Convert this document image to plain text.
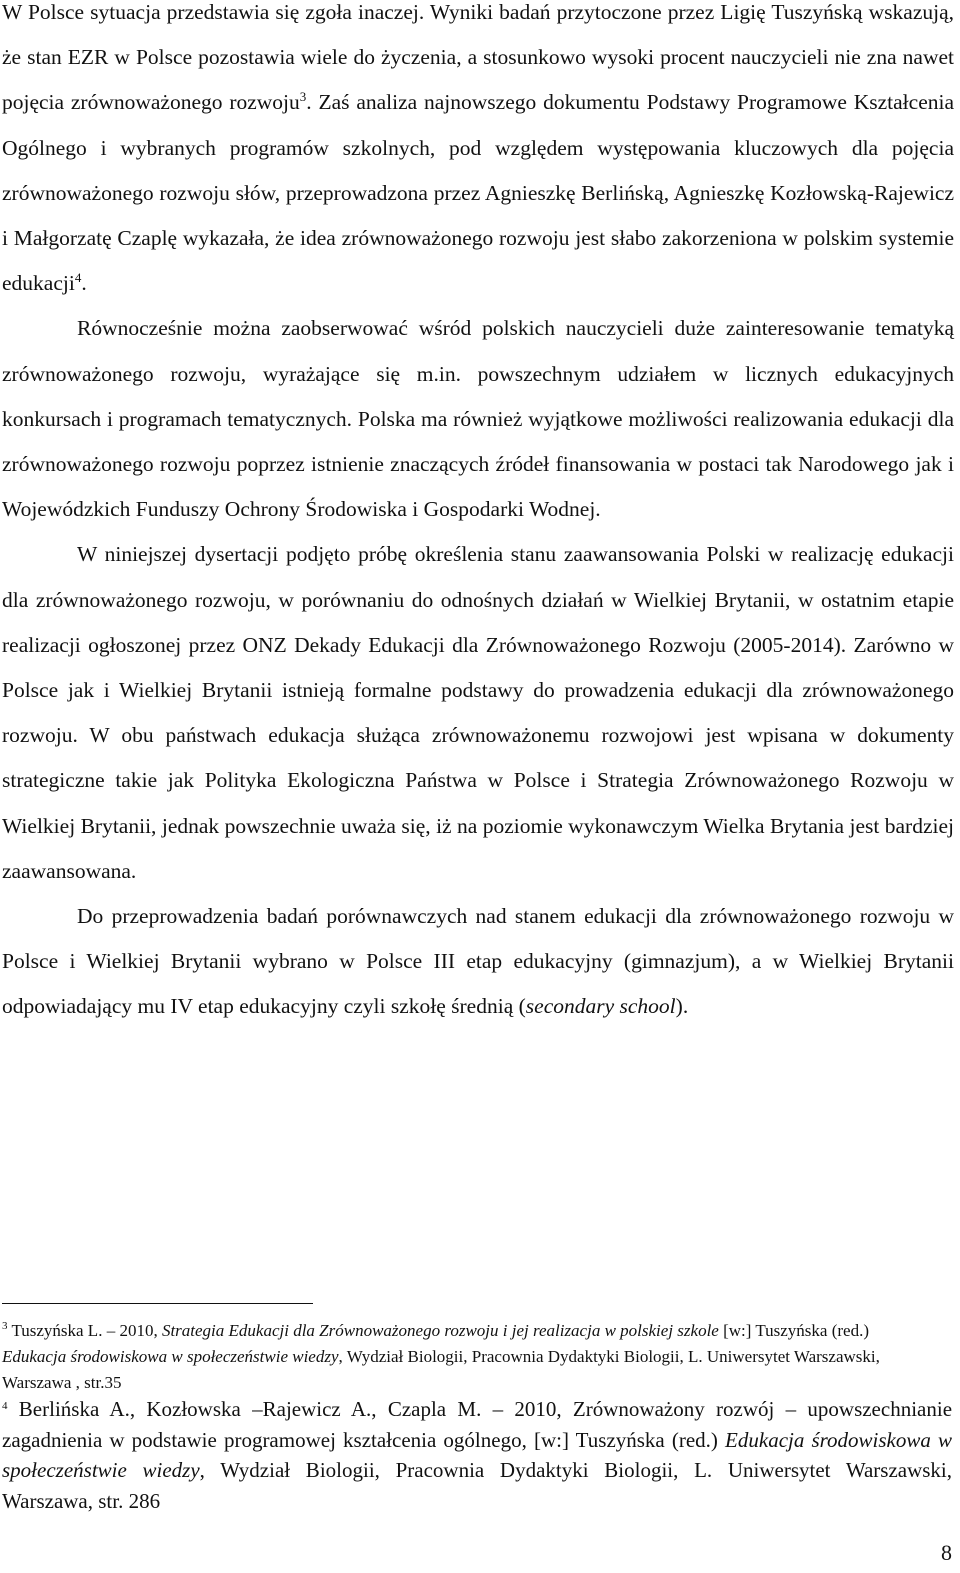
W Polsce sytuacja przedstawia się zgoła inaczej. Wyniki badań przytoczone przez Ligię Tuszyńską wskazują, że stan EZR w Polsce pozostawia wiele do życzenia, a stosunkowo wysoki procent nauczycieli nie zna nawet pojęcia zrównoważonego rozwoju$^3$. Zaś analiza najnowszego dokumentu Podstawy Programowe Kształcenia Ogólnego i wybranych programów szkolnych, pod względem występowania kluczowych dla pojęcia zrównoważonego rozwoju słów, przeprowadzona przez Agnieszkę Berlińską, Agnieszkę Kozłowską-Rajewicz i Małgorzatę Czaplę wykazała, że idea zrównoważonego rozwoju jest słabo zakorzeniona w polskim systemie edukacji$^4$.

Równocześnie można zaobserwować wśród polskich nauczycieli duże zainteresowanie tematyką zrównoważonego rozwoju, wyrażające się m.in. powszechnym udziałem w licznych edukacyjnych konkursach i programach tematycznych. Polska ma również wyjątkowe możliwości realizowania edukacji dla zrównoważonego rozwoju poprzez istnienie znaczących źródeł finansowania w postaci tak Narodowego jak i Wojewódzkich Funduszy Ochrony Środowiska i Gospodarki Wodnej.

W niniejszej dysertacji podjęto próbę określenia stanu zaawansowania Polski w realizację edukacji dla zrównoważonego rozwoju, w porównaniu do odnośnych działań w Wielkiej Brytanii, w ostatnim etapie realizacji ogłoszonej przez ONZ Dekady Edukacji dla Zrównoważonego Rozwoju (2005-2014). Zarówno w Polsce jak i Wielkiej Brytanii istnieją formalne podstawy do prowadzenia edukacji dla zrównoważonego rozwoju. W obu państwach edukacja służąca zrównoważonemu rozwojowi jest wpisana w dokumenty strategiczne takie jak Polityka Ekologiczna Państwa w Polsce i Strategia Zrównoważonego Rozwoju w Wielkiej Brytanii, jednak powszechnie uważa się, iż na poziomie wykonawczym Wielka Brytania jest bardziej zaawansowana.

Do przeprowadzenia badań porównawczych nad stanem edukacji dla zrównoważonego rozwoju w Polsce i Wielkiej Brytanii wybrano w Polsce III etap edukacyjny (gimnazjum), a w Wielkiej Brytanii odpowiadający mu IV etap edukacyjny czyli szkołę średnią (secondary school).

$^3$ Tuszyńska L. – 2010, Strategia Edukacji dla Zrównoważonego rozwoju i jej realizacja w polskiej szkole [w:] Tuszyńska (red.) Edukacja środowiskowa w społeczeństwie wiedzy, Wydział Biologii, Pracownia Dydaktyki Biologii, L. Uniwersytet Warszawski, Warszawa , str.35

$^4$ Berlińska A., Kozłowska –Rajewicz A., Czapla M. – 2010, Zrównoważony rozwój – upowszechnianie zagadnienia w podstawie programowej kształcenia ogólnego, [w:] Tuszyńska (red.) Edukacja środowiskowa w społeczeństwie wiedzy, Wydział Biologii, Pracownia Dydaktyki Biologii, L. Uniwersytet Warszawski, Warszawa, str. 286

8
